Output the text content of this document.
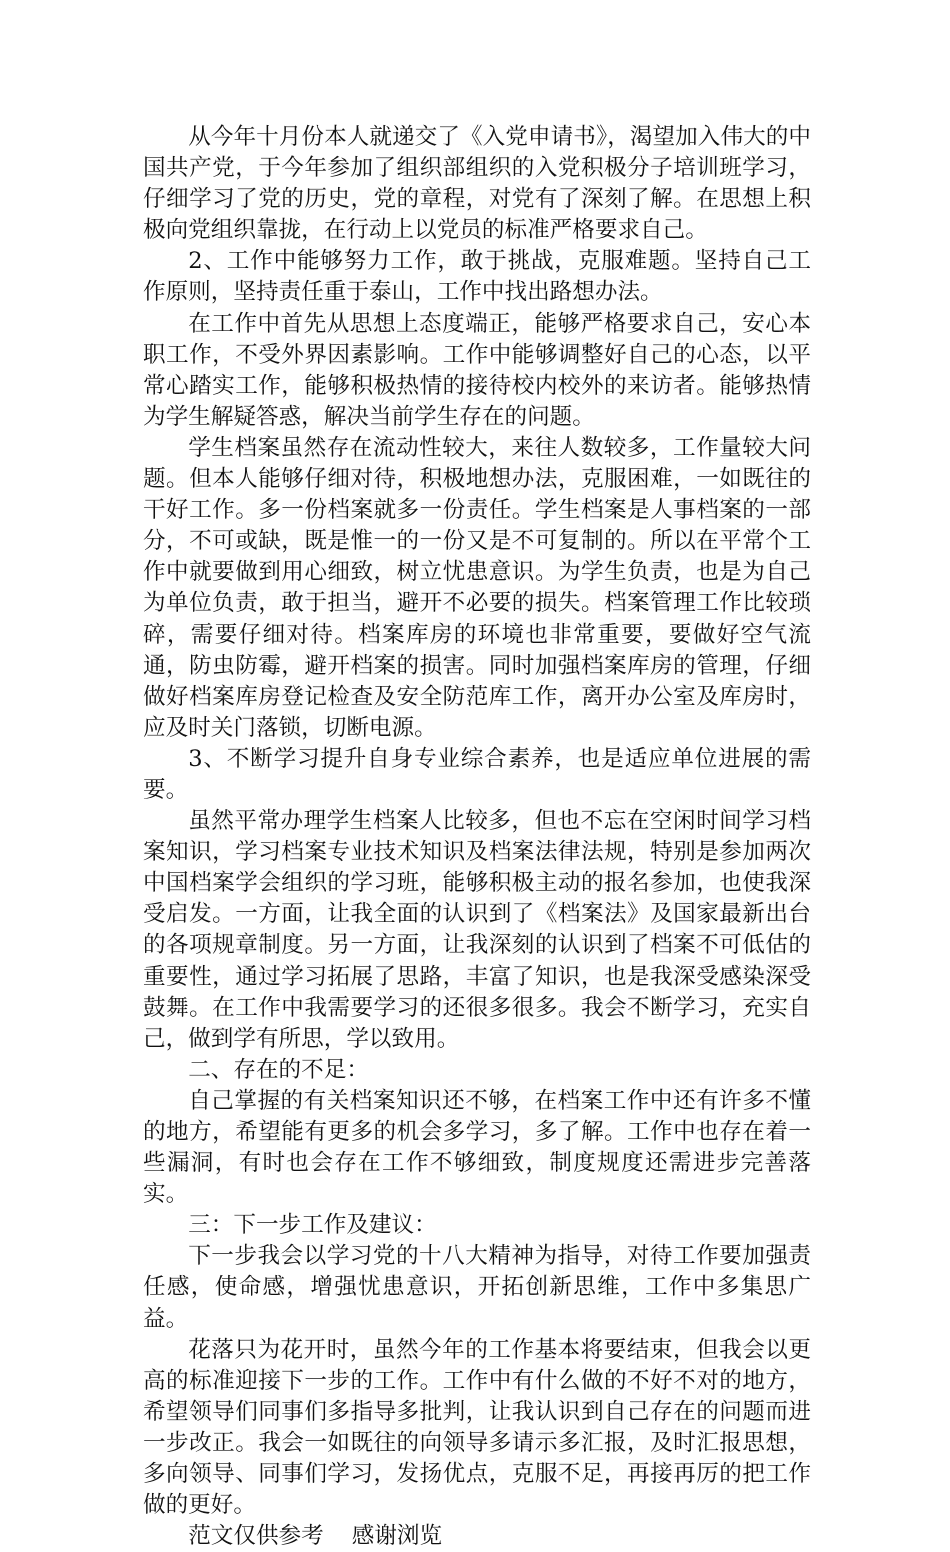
从今年十月份本人就递交了《入党申请书》，渴望加入伟大的中国共产党，于今年参加了组织部组织的入党积极分子培训班学习，仔细学习了党的历史，党的章程，对党有了深刻了解。在思想上积极向党组织靠拢，在行动上以党员的标准严格要求自己。

2、工作中能够努力工作，敢于挑战，克服难题。坚持自己工作原则，坚持责任重于泰山，工作中找出路想办法。

在工作中首先从思想上态度端正，能够严格要求自己，安心本职工作，不受外界因素影响。工作中能够调整好自己的心态，以平常心踏实工作，能够积极热情的接待校内校外的来访者。能够热情为学生解疑答惑，解决当前学生存在的问题。

学生档案虽然存在流动性较大，来往人数较多，工作量较大问题。但本人能够仔细对待，积极地想办法，克服困难，一如既往的干好工作。多一份档案就多一份责任。学生档案是人事档案的一部分，不可或缺，既是惟一的一份又是不可复制的。所以在平常个工作中就要做到用心细致，树立忧患意识。为学生负责，也是为自己为单位负责，敢于担当，避开不必要的损失。档案管理工作比较琐碎，需要仔细对待。档案库房的环境也非常重要，要做好空气流通，防虫防霉，避开档案的损害。同时加强档案库房的管理，仔细做好档案库房登记检查及安全防范库工作，离开办公室及库房时，应及时关门落锁，切断电源。

3、不断学习提升自身专业综合素养，也是适应单位进展的需要。

虽然平常办理学生档案人比较多，但也不忘在空闲时间学习档案知识，学习档案专业技术知识及档案法律法规，特别是参加两次中国档案学会组织的学习班，能够积极主动的报名参加，也使我深受启发。一方面，让我全面的认识到了《档案法》及国家最新出台的各项规章制度。另一方面，让我深刻的认识到了档案不可低估的重要性，通过学习拓展了思路，丰富了知识，也是我深受感染深受鼓舞。在工作中我需要学习的还很多很多。我会不断学习，充实自己，做到学有所思，学以致用。

二、存在的不足：

自己掌握的有关档案知识还不够，在档案工作中还有许多不懂的地方，希望能有更多的机会多学习，多了解。工作中也存在着一些漏洞，有时也会存在工作不够细致，制度规度还需进步完善落实。

三：下一步工作及建议：

下一步我会以学习党的十八大精神为指导，对待工作要加强责任感，使命感，增强忧患意识，开拓创新思维，工作中多集思广益。

花落只为花开时，虽然今年的工作基本将要结束，但我会以更高的标准迎接下一步的工作。工作中有什么做的不好不对的地方，希望领导们同事们多指导多批判，让我认识到自己存在的问题而进一步改正。我会一如既往的向领导多请示多汇报，及时汇报思想，多向领导、同事们学习，发扬优点，克服不足，再接再厉的把工作做的更好。

范文仅供参考 感谢浏览
